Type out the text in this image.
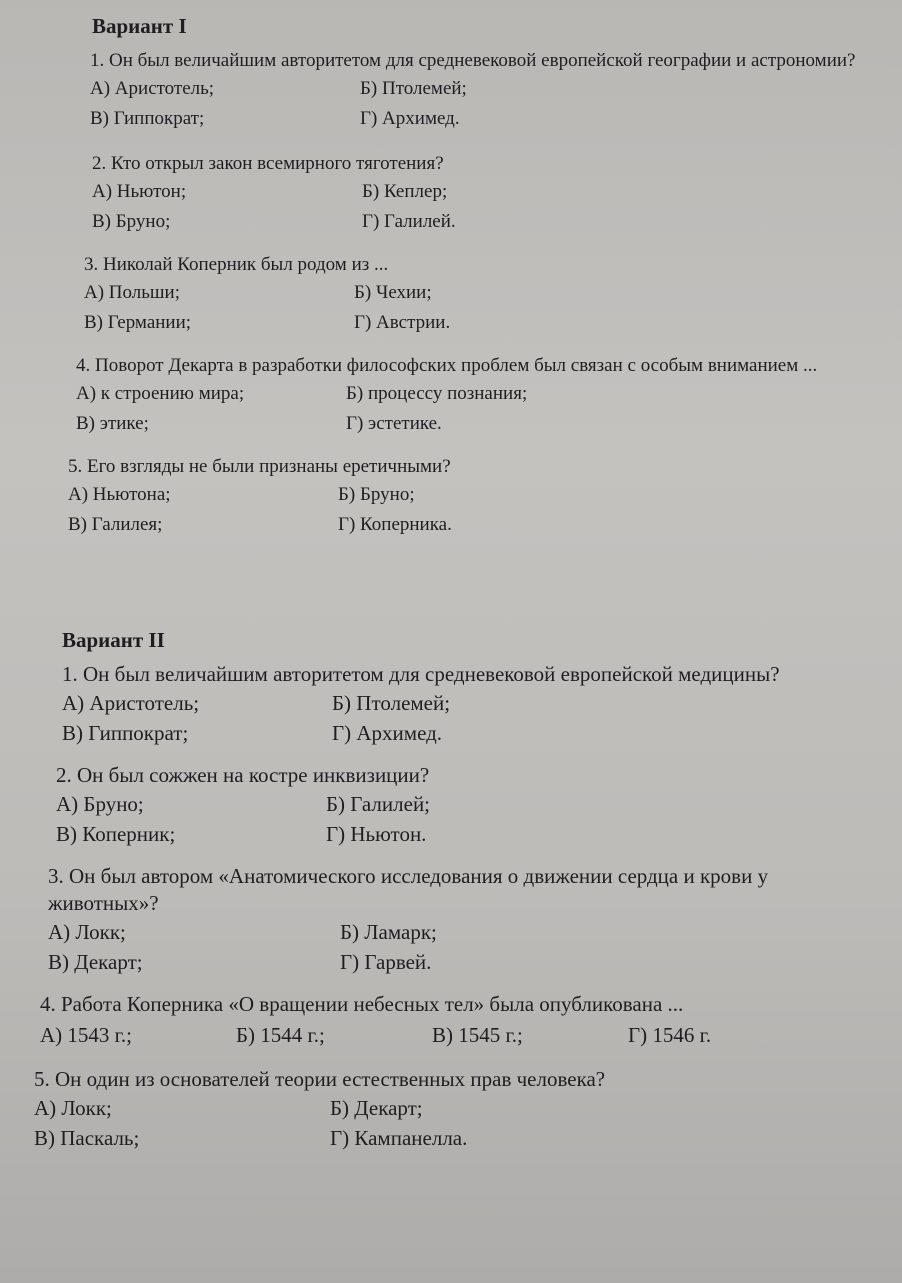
Вариант I
1. Он был величайшим авторитетом для средневековой европейской географии и астрономии?
А) Аристотель;	Б) Птолемей;
В) Гиппократ;	Г) Архимед.
2. Кто открыл закон всемирного тяготения?
А) Ньютон;	Б) Кеплер;
В) Бруно;	Г) Галилей.
3. Николай Коперник был родом из ...
А) Польши;	Б) Чехии;
В) Германии;	Г) Австрии.
4. Поворот Декарта в разработки философских проблем был связан с особым вниманием ...
А) к строению мира;	Б) процессу познания;
В) этике;	Г) эстетике.
5. Его взгляды не были признаны еретичными?
А) Ньютона;	Б) Бруно;
В) Галилея;	Г) Коперника.
Вариант II
1. Он был величайшим авторитетом для средневековой европейской медицины?
А) Аристотель;	Б) Птолемей;
В) Гиппократ;	Г) Архимед.
2. Он был сожжен на костре инквизиции?
А) Бруно;	Б) Галилей;
В) Коперник;	Г) Ньютон.
3. Он был автором «Анатомического исследования о движении сердца и крови у животных»?
А) Локк;	Б) Ламарк;
В) Декарт;	Г) Гарвей.
4. Работа Коперника «О вращении небесных тел» была опубликована ...
А) 1543 г.;	Б) 1544 г.;	В) 1545 г.;	Г) 1546 г.
5. Он один из основателей теории естественных прав человека?
А) Локк;	Б) Декарт;
В) Паскаль;	Г) Кампанелла.
